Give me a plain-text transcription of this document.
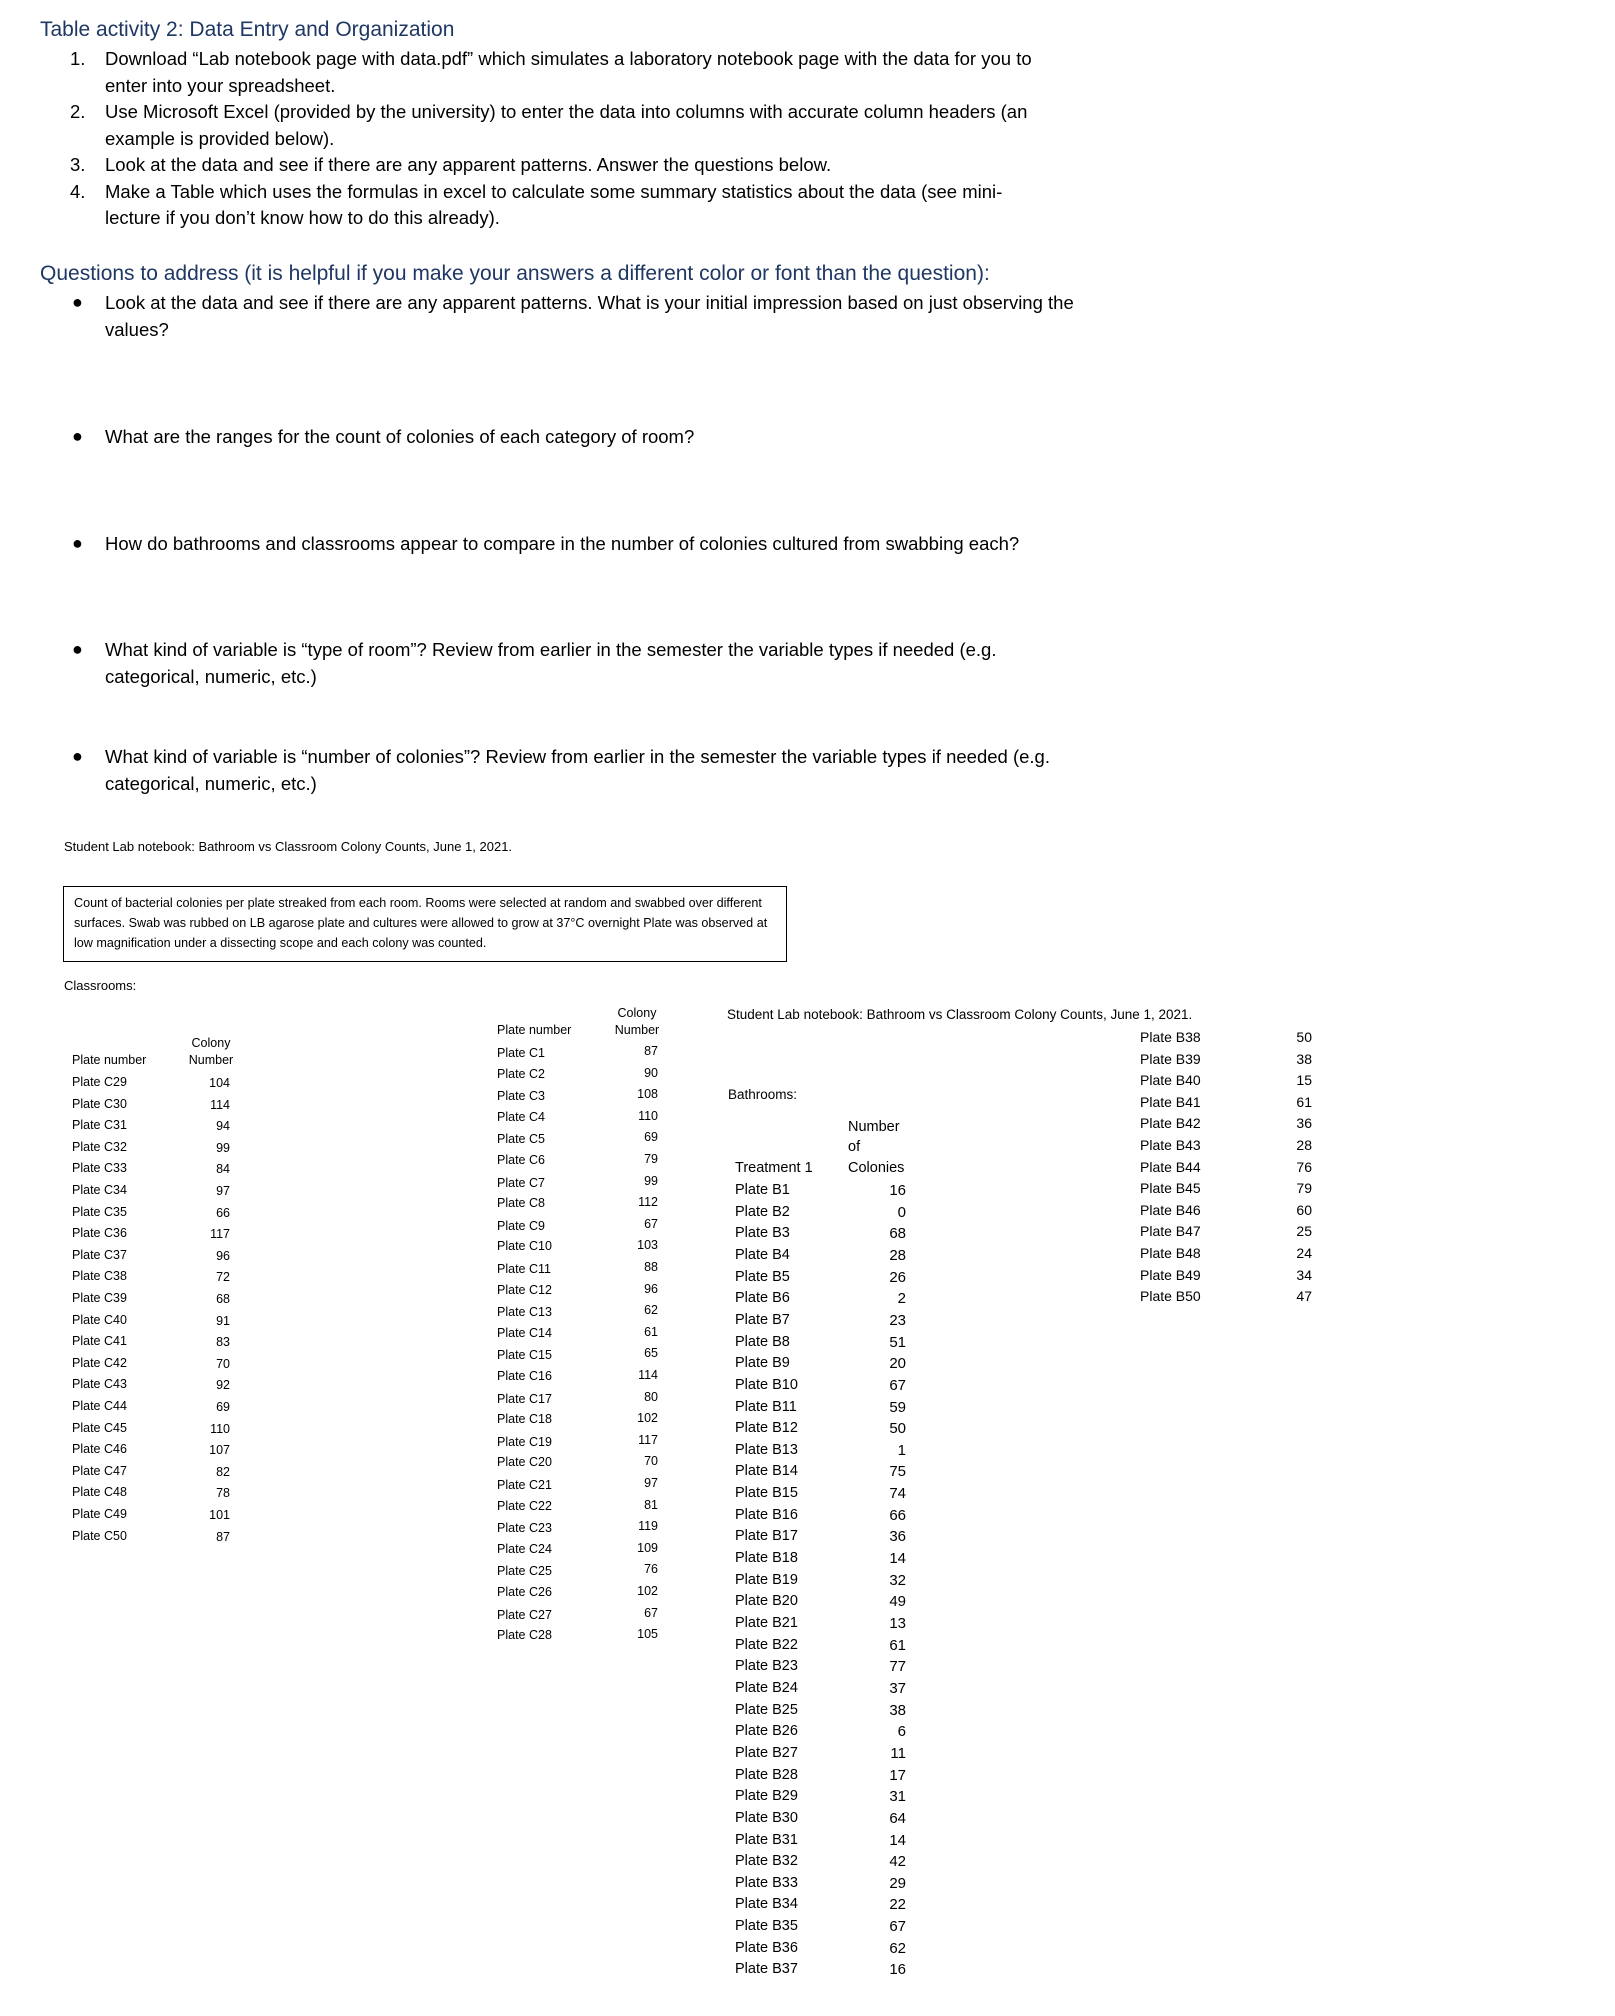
Table activity 2: Data Entry and Organization
1. Download “Lab notebook page with data.pdf” which simulates a laboratory notebook page with the data for you to enter into your spreadsheet.
2. Use Microsoft Excel (provided by the university) to enter the data into columns with accurate column headers (an example is provided below).
3. Look at the data and see if there are any apparent patterns. Answer the questions below.
4. Make a Table which uses the formulas in excel to calculate some summary statistics about the data (see mini-lecture if you don’t know how to do this already).
Questions to address (it is helpful if you make your answers a different color or font than the question):
● Look at the data and see if there are any apparent patterns. What is your initial impression based on just observing the values?
● What are the ranges for the count of colonies of each category of room?
● How do bathrooms and classrooms appear to compare in the number of colonies cultured from swabbing each?
● What kind of variable is “type of room”? Review from earlier in the semester the variable types if needed (e.g. categorical, numeric, etc.)
● What kind of variable is “number of colonies”? Review from earlier in the semester the variable types if needed (e.g. categorical, numeric, etc.)
Student Lab notebook: Bathroom vs Classroom Colony Counts, June 1, 2021.
Count of bacterial colonies per plate streaked from each room. Rooms were selected at random and swabbed over different surfaces. Swab was rubbed on LB agarose plate and cultures were allowed to grow at 37°C overnight Plate was observed at low magnification under a dissecting scope and each colony was counted.
Classrooms:
Plate number
Colony
Number
Plate C29	104
Plate C30	114
Plate C31	94
Plate C32	99
Plate C33	84
Plate C34	97
Plate C35	66
Plate C36	117
Plate C37	96
Plate C38	72
Plate C39	68
Plate C40	91
Plate C41	83
Plate C42	70
Plate C43	92
Plate C44	69
Plate C45	110
Plate C46	107
Plate C47	82
Plate C48	78
Plate C49	101
Plate C50	87
Plate number
Colony
Number
Plate C1	87
Plate C2	90
Plate C3	108
Plate C4	110
Plate C5	69
Plate C6	79
Plate C7	99
Plate C8	112
Plate C9	67
Plate C10	103
Plate C11	88
Plate C12	96
Plate C13	62
Plate C14	61
Plate C15	65
Plate C16	114
Plate C17	80
Plate C18	102
Plate C19	117
Plate C20	70
Plate C21	97
Plate C22	81
Plate C23	119
Plate C24	109
Plate C25	76
Plate C26	102
Plate C27	67
Plate C28	105
Student Lab notebook: Bathroom vs Classroom Colony Counts, June 1, 2021.
Bathrooms:
Treatment 1
Number
of
Colonies
Plate B1	16
Plate B2	0
Plate B3	68
Plate B4	28
Plate B5	26
Plate B6	2
Plate B7	23
Plate B8	51
Plate B9	20
Plate B10	67
Plate B11	59
Plate B12	50
Plate B13	1
Plate B14	75
Plate B15	74
Plate B16	66
Plate B17	36
Plate B18	14
Plate B19	32
Plate B20	49
Plate B21	13
Plate B22	61
Plate B23	77
Plate B24	37
Plate B25	38
Plate B26	6
Plate B27	11
Plate B28	17
Plate B29	31
Plate B30	64
Plate B31	14
Plate B32	42
Plate B33	29
Plate B34	22
Plate B35	67
Plate B36	62
Plate B37	16
Plate B38	50
Plate B39	38
Plate B40	15
Plate B41	61
Plate B42	36
Plate B43	28
Plate B44	76
Plate B45	79
Plate B46	60
Plate B47	25
Plate B48	24
Plate B49	34
Plate B50	47
